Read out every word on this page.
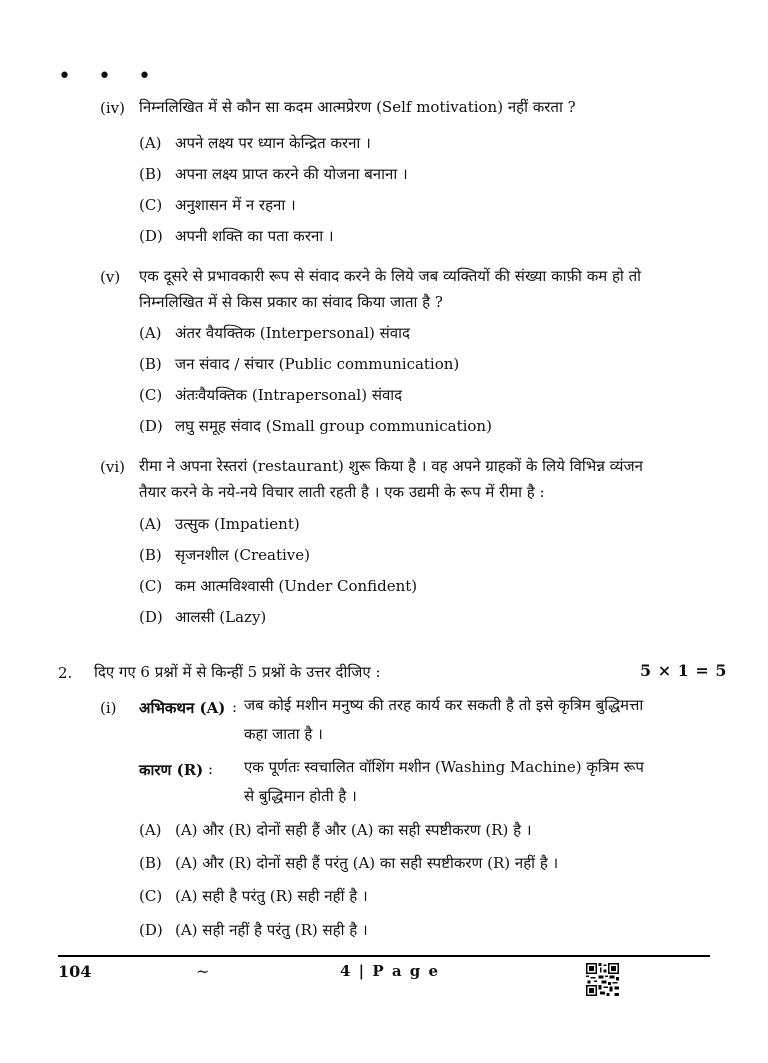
• • •
(iv) निम्नलिखित में से कौन सा कदम आत्मप्रेरण (Self motivation) नहीं करता ?
(A) अपने लक्ष्य पर ध्यान केन्द्रित करना ।
(B) अपना लक्ष्य प्राप्त करने की योजना बनाना ।
(C) अनुशासन में न रहना ।
(D) अपनी शक्ति का पता करना ।
(v) एक दूसरे से प्रभावकारी रूप से संवाद करने के लिये जब व्यक्तियों की संख्या काफ़ी कम हो तो
निम्नलिखित में से किस प्रकार का संवाद किया जाता है ?
(A) अंतर वैयक्तिक (Interpersonal) संवाद
(B) जन संवाद / संचार (Public communication)
(C) अंतःवैयक्तिक (Intrapersonal) संवाद
(D) लघु समूह संवाद (Small group communication)
(vi) रीमा ने अपना रेस्तरां (restaurant) शुरू किया है । वह अपने ग्राहकों के लिये विभिन्न व्यंजन
तैयार करने के नये-नये विचार लाती रहती है । एक उद्यमी के रूप में रीमा है :
(A) उत्सुक (Impatient)
(B) सृजनशील (Creative)
(C) कम आत्मविश्वासी (Under Confident)
(D) आलसी (Lazy)
2. दिए गए 6 प्रश्नों में से किन्हीं 5 प्रश्नों के उत्तर दीजिए :	5 × 1 = 5
(i) अभिकथन (A) : जब कोई मशीन मनुष्य की तरह कार्य कर सकती है तो इसे कृत्रिम बुद्धिमत्ता
कहा जाता है ।
कारण (R) : एक पूर्णतः स्वचालित वॉशिंग मशीन (Washing Machine) कृत्रिम रूप
से बुद्धिमान होती है ।
(A) (A) और (R) दोनों सही हैं और (A) का सही स्पष्टीकरण (R) है ।
(B) (A) और (R) दोनों सही हैं परंतु (A) का सही स्पष्टीकरण (R) नहीं है ।
(C) (A) सही है परंतु (R) सही नहीं है ।
(D) (A) सही नहीं है परंतु (R) सही है ।
104	~	4 | P a g e
